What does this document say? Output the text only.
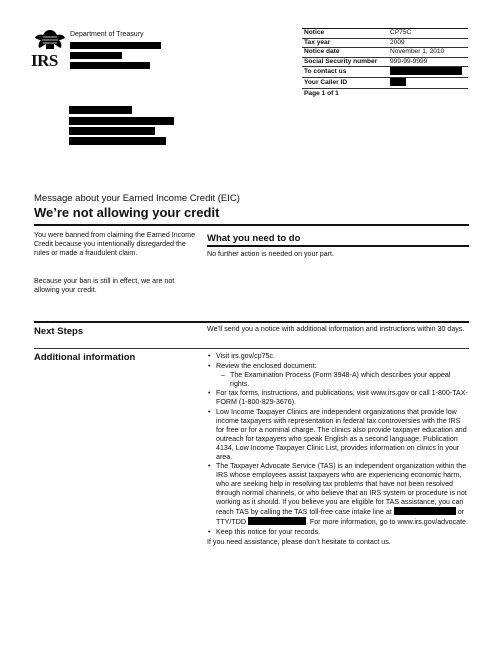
IRS
Department of Treasury	Notice	CP75C
Tax year	2009
Notice date	November 1, 2010
Social Security number	999-99-9999
To contact us	
Your Caller ID	
Page 1 of 1	
Message about your Earned Income Credit (EIC)
We’re not allowing your credit
You were banned from claiming the Earned Income Credit because you intentionally disregarded the rules or made a fraudulent claim.
Because your ban is still in effect, we are not allowing your credit.
What you need to do
No further action is needed on your part.
Next Steps	We’ll send you a notice with additional information and instructions within 30 days.
Additional information	• Visit irs.gov/cp75c.
• Review the enclosed document:
– The Examination Process (Form 3948-A) which describes your appeal rights.
• For tax forms, instructions, and publications, visit www.irs.gov or call 1-800-TAX-FORM (1-800-829-3676).
• Low Income Taxpayer Clinics are independent organizations that provide low income taxpayers with representation in federal tax controversies with the IRS for free or for a nominal charge. The clinics also provide taxpayer education and outreach for taxpayers who speak English as a second language. Publication 4134, Low Income Taxpayer Clinic List, provides information on clinics in your area.
• The Taxpayer Advocate Service (TAS) is an independent organization within the IRS whose employees assist taxpayers who are experiencing economic harm, who are seeking help in resolving tax problems that have not been resolved through normal channels, or who believe that an IRS system or procedure is not working as it should. If you believe you are eligible for TAS assistance, you can reach TAS by calling the TAS toll-free case intake line at	or TTY/TDD	. For more information, go to www.irs.gov/advocate.
• Keep this notice for your records.
If you need assistance, please don’t hesitate to contact us.
